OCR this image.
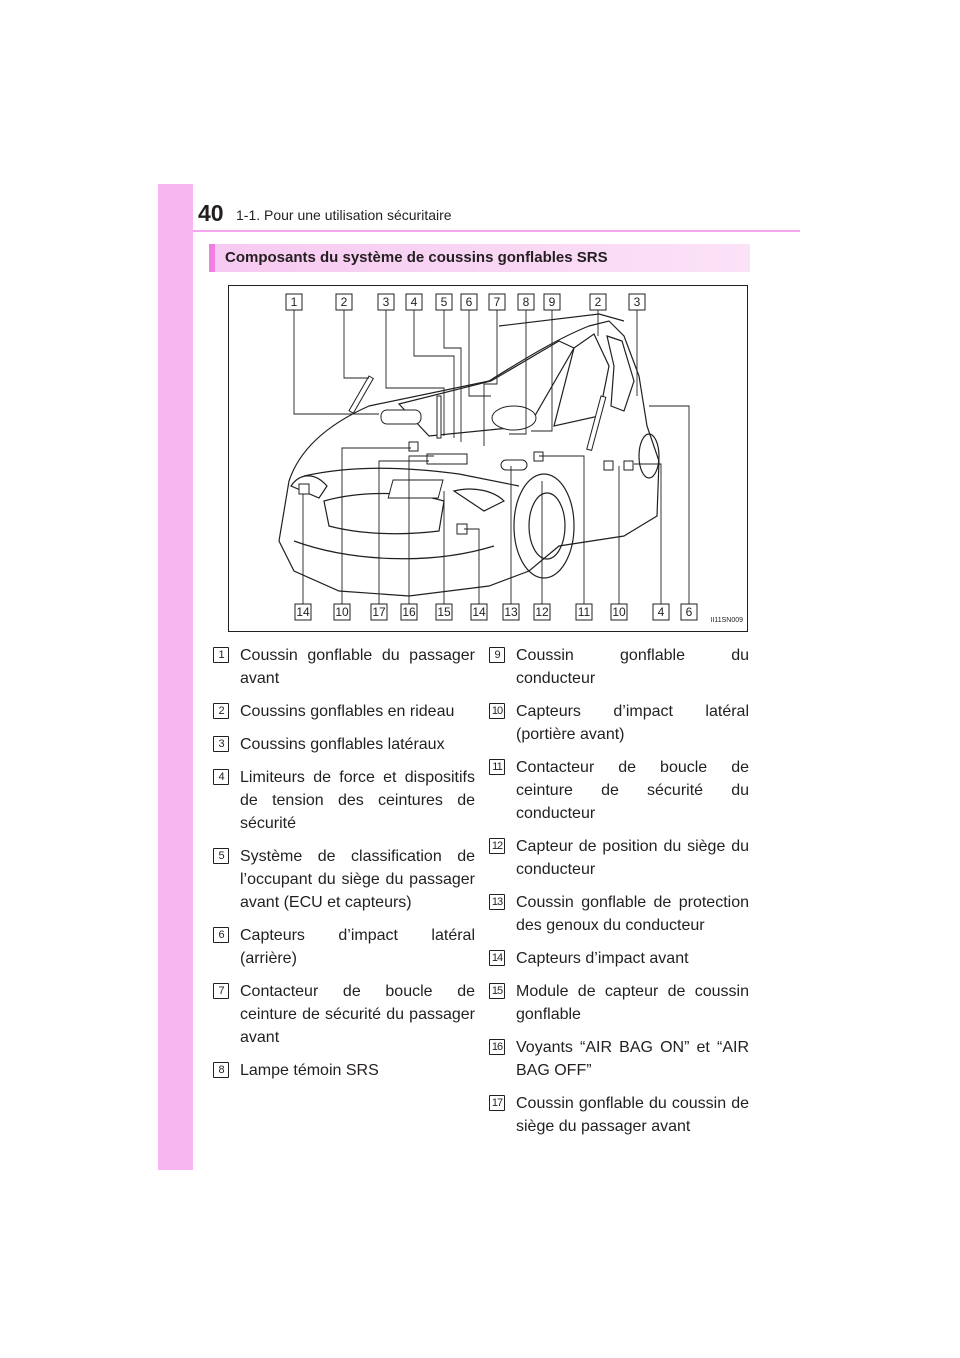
40 1-1. Pour une utilisation sécuritaire
Composants du système de coussins gonflables SRS
1	2	3 4 5 6 7 8 9	2	3
14 10 17 16 15 14 13 12 11 10	4 6
II11SN009
1	Coussin gonflable du passager avant
2	Coussins gonflables en rideau
3	Coussins gonflables latéraux
4	Limiteurs de force et dispositifs de tension des ceintures de sécurité
5	Système de classification de l’occupant du siège du passager avant (ECU et capteurs)
6	Capteurs d’impact latéral (arrière)
7	Contacteur de boucle de ceinture de sécurité du passager avant
8	Lampe témoin SRS
9	Coussin gonflable du conducteur
10 Capteurs d’impact latéral (portière avant)
11 Contacteur de boucle de ceinture de sécurité du conducteur
12 Capteur de position du siège du conducteur
13 Coussin gonflable de protection des genoux du conducteur
14 Capteurs d’impact avant
15 Module de capteur de coussin gonflable
16 Voyants “AIR BAG ON” et “AIR BAG OFF”
17 Coussin gonflable du coussin de siège du passager avant
